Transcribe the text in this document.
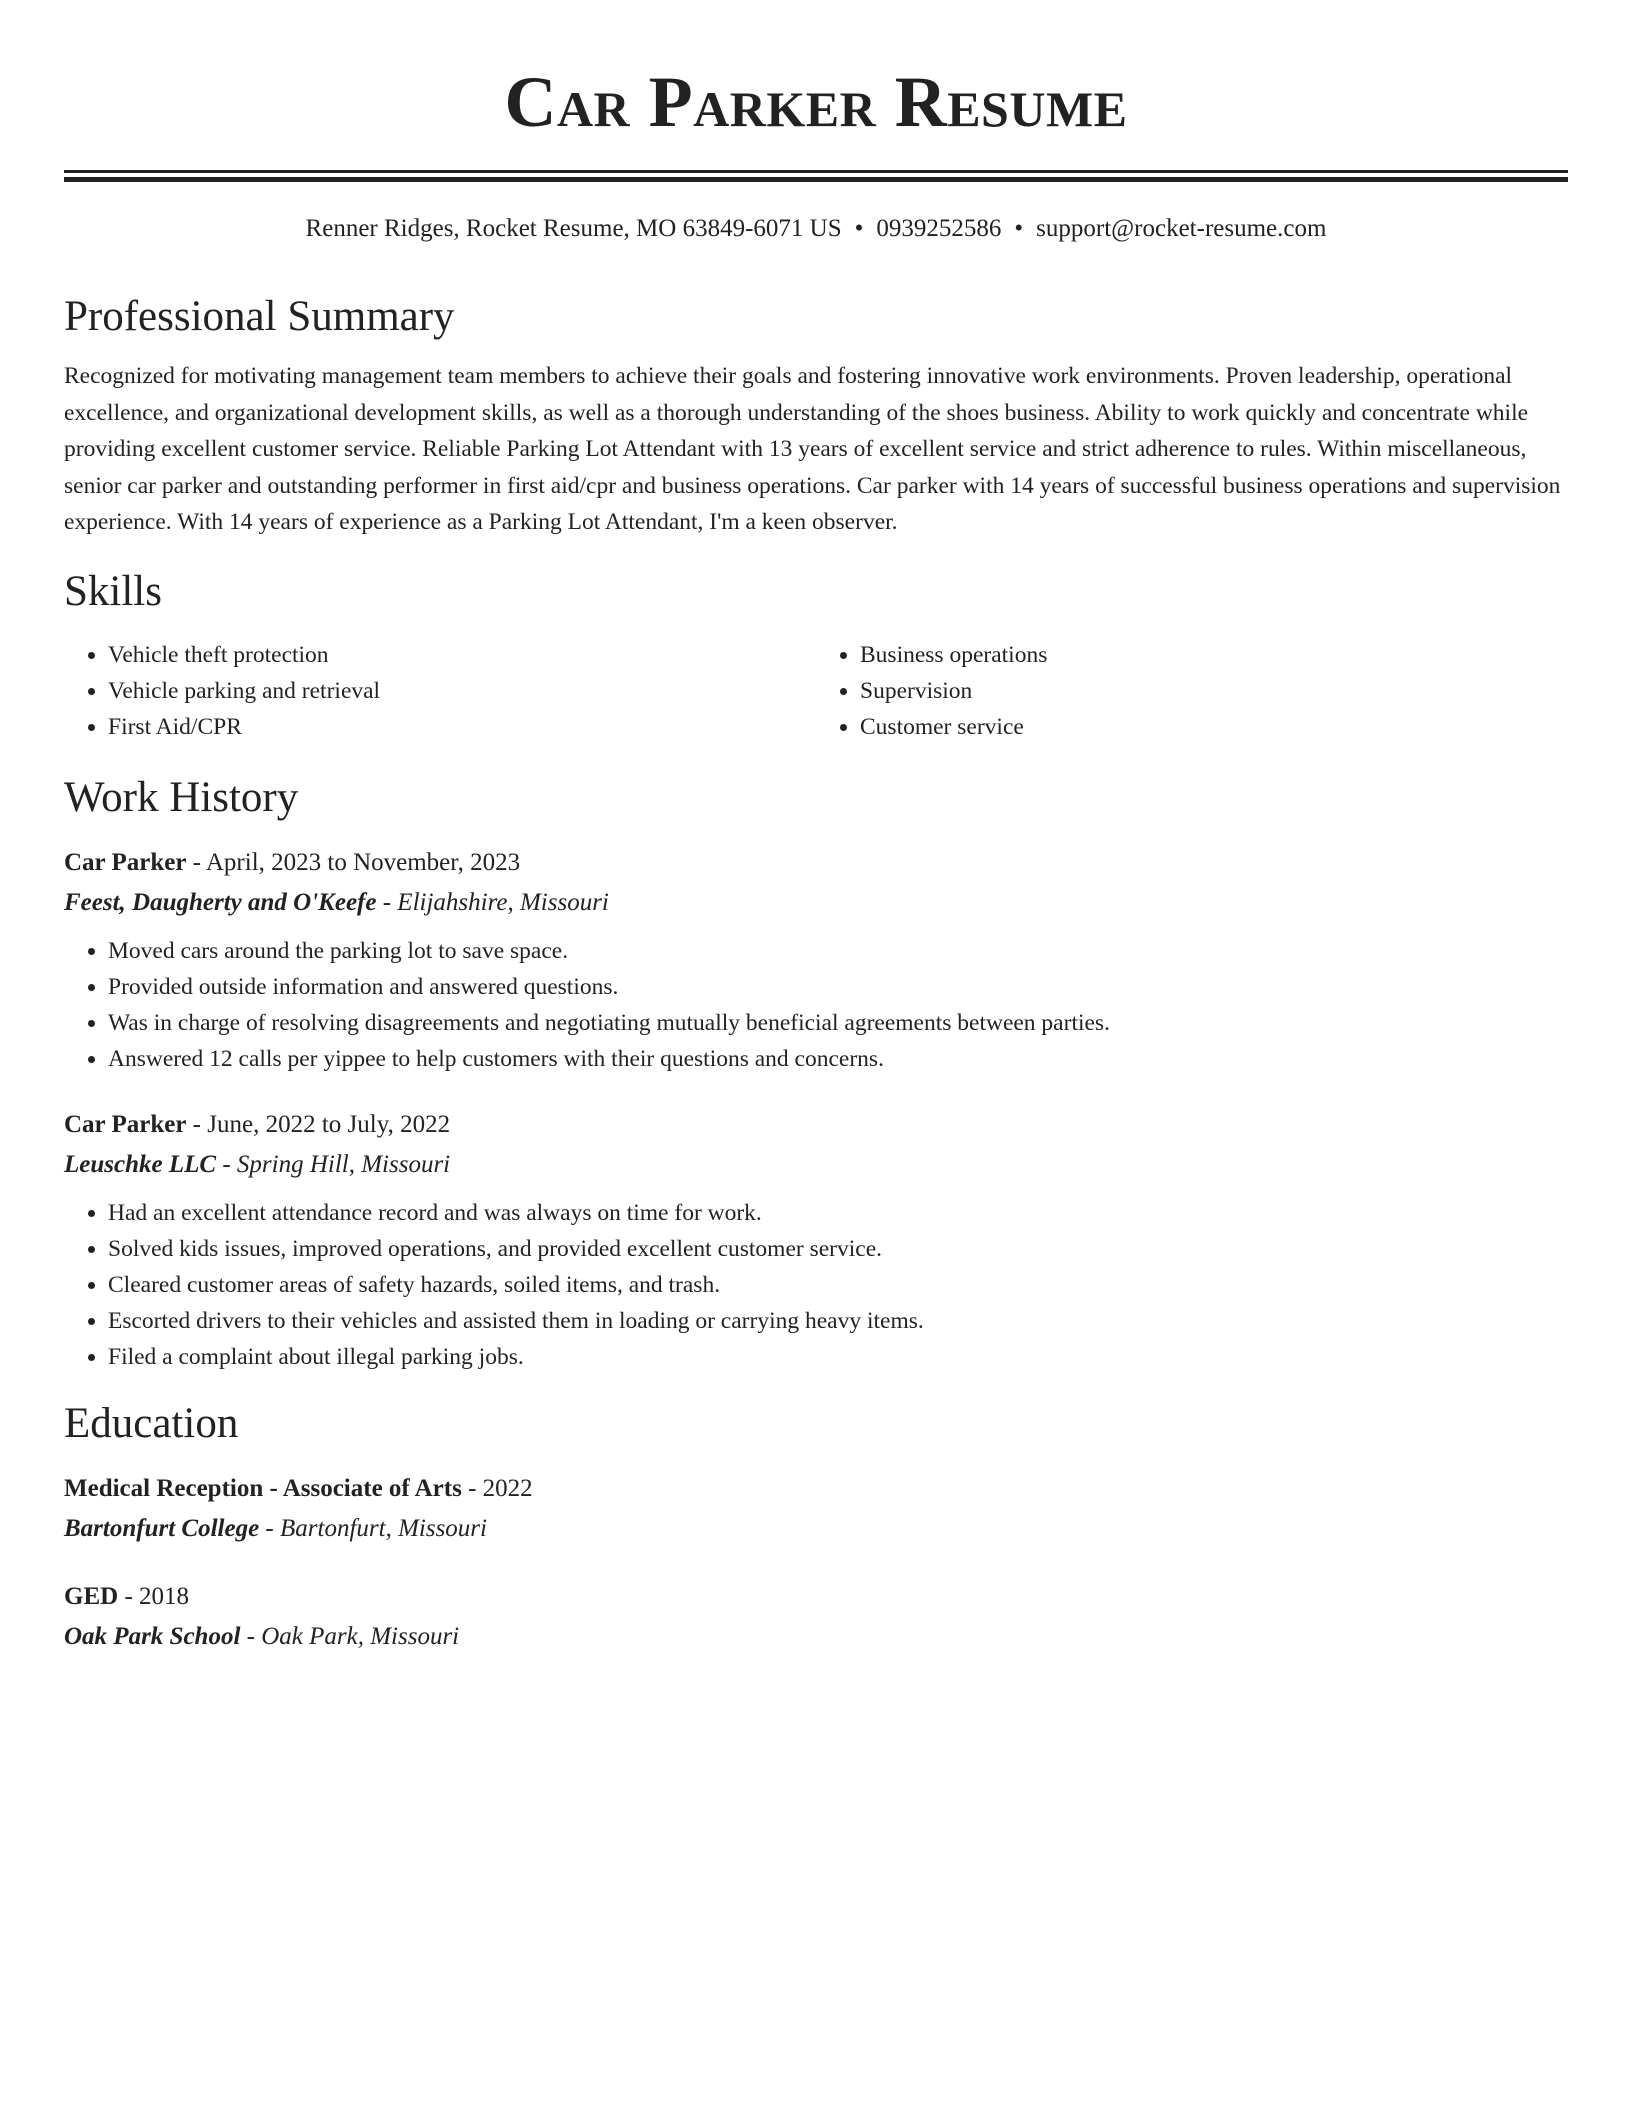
Car Parker Resume
Renner Ridges, Rocket Resume, MO 63849-6071 US • 0939252586 • support@rocket-resume.com
Professional Summary

Recognized for motivating management team members to achieve their goals and fostering innovative work environments. Proven leadership, operational excellence, and organizational development skills, as well as a thorough understanding of the shoes business. Ability to work quickly and concentrate while providing excellent customer service. Reliable Parking Lot Attendant with 13 years of excellent service and strict adherence to rules. Within miscellaneous, senior car parker and outstanding performer in first aid/cpr and business operations. Car parker with 14 years of successful business operations and supervision experience. With 14 years of experience as a Parking Lot Attendant, I'm a keen observer.

Skills
• Vehicle theft protection
• Vehicle parking and retrieval
• First Aid/CPR
• Business operations
• Supervision
• Customer service
Work History
Car Parker - April, 2023 to November, 2023
Feest, Daugherty and O'Keefe - Elijahshire, Missouri
• Moved cars around the parking lot to save space.
• Provided outside information and answered questions.
• Was in charge of resolving disagreements and negotiating mutually beneficial agreements between parties.
• Answered 12 calls per yippee to help customers with their questions and concerns.
Car Parker - June, 2022 to July, 2022
Leuschke LLC - Spring Hill, Missouri
• Had an excellent attendance record and was always on time for work.
• Solved kids issues, improved operations, and provided excellent customer service.
• Cleared customer areas of safety hazards, soiled items, and trash.
• Escorted drivers to their vehicles and assisted them in loading or carrying heavy items.
• Filed a complaint about illegal parking jobs.
Education
Medical Reception - Associate of Arts - 2022
Bartonfurt College - Bartonfurt, Missouri
GED - 2018
Oak Park School - Oak Park, Missouri
